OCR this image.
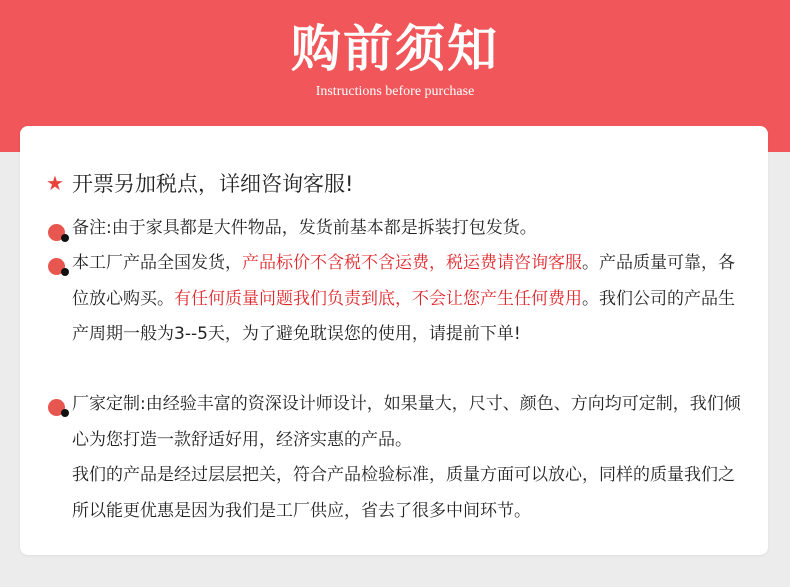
购前须知
Instructions before purchase
★ 开票另加税点，详细咨询客服!
备注:由于家具都是大件物品，发货前基本都是拆装打包发货。
本工厂产品全国发货，产品标价不含税不含运费，税运费请咨询客服。产品质量可靠，各位放心购买。有任何质量问题我们负责到底，不会让您产生任何费用。我们公司的产品生产周期一般为3--5天，为了避免耽误您的使用，请提前下单!
厂家定制:由经验丰富的资深设计师设计，如果量大，尺寸、颜色、方向均可定制，我们倾心为您打造一款舒适好用，经济实惠的产品。
我们的产品是经过层层把关，符合产品检验标准，质量方面可以放心，同样的质量我们之所以能更优惠是因为我们是工厂供应，省去了很多中间环节。
